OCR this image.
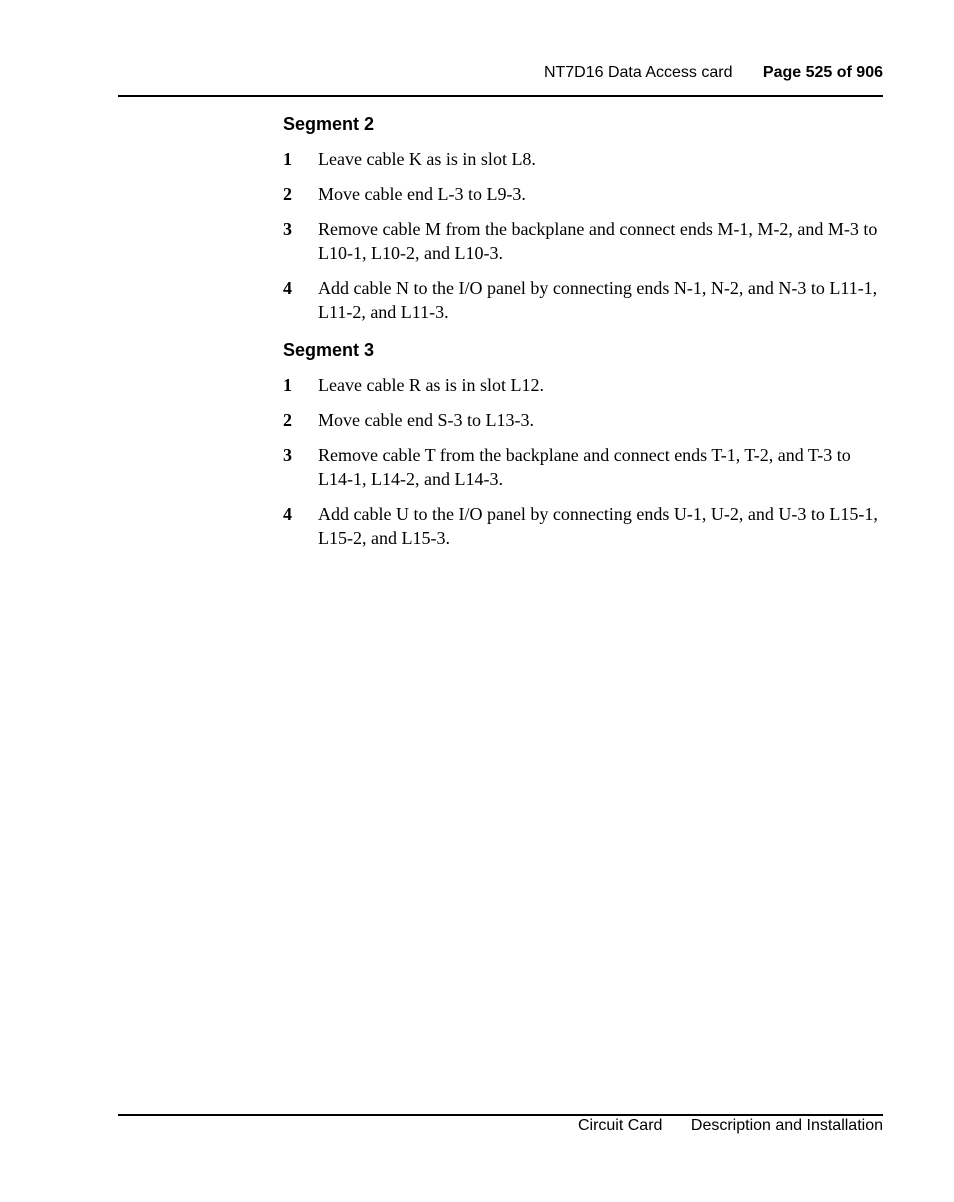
NT7D16 Data Access card Page 525 of 906
Segment 2
1	Leave cable K as is in slot L8.
2	Move cable end L-3 to L9-3.
3	Remove cable M from the backplane and connect ends M-1, M-2, and M-3 to L10-1, L10-2, and L10-3.
4	Add cable N to the I/O panel by connecting ends N-1, N-2, and N-3 to L11-1, L11-2, and L11-3.
Segment 3
1	Leave cable R as is in slot L12.
2	Move cable end S-3 to L13-3.
3	Remove cable T from the backplane and connect ends T-1, T-2, and T-3 to L14-1, L14-2, and L14-3.
4	Add cable U to the I/O panel by connecting ends U-1, U-2, and U-3 to L15-1, L15-2, and L15-3.
Circuit Card Description and Installation
